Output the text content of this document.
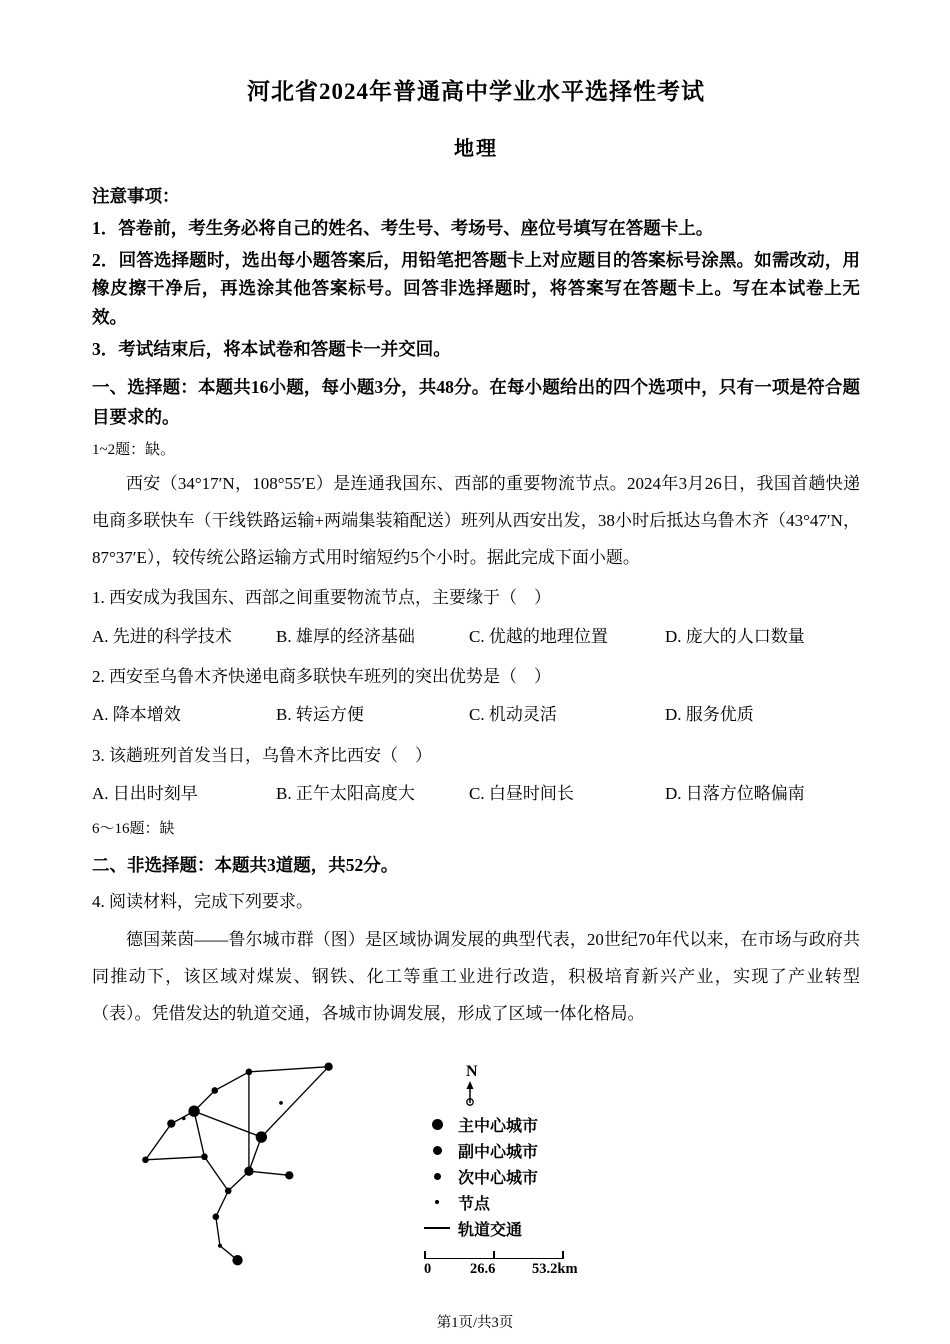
河北省2024年普通高中学业水平选择性考试
地理

注意事项：

1．答卷前，考生务必将自己的姓名、考生号、考场号、座位号填写在答题卡上。

2．回答选择题时，选出每小题答案后，用铅笔把答题卡上对应题目的答案标号涂黑。如需改动，用橡皮擦干净后，再选涂其他答案标号。回答非选择题时，将答案写在答题卡上。写在本试卷上无效。

3．考试结束后，将本试卷和答题卡一并交回。

一、选择题：本题共16小题，每小题3分，共48分。在每小题给出的四个选项中，只有一项是符合题目要求的。

1~2题：缺。

西安（34°17′N，108°55′E）是连通我国东、西部的重要物流节点。2024年3月26日，我国首趟快递电商多联快车（干线铁路运输+两端集装箱配送）班列从西安出发，38小时后抵达乌鲁木齐（43°47′N，87°37′E），较传统公路运输方式用时缩短约5个小时。据此完成下面小题。

1. 西安成为我国东、西部之间重要物流节点，主要缘于（　）

A. 先进的科学技术	B. 雄厚的经济基础	C. 优越的地理位置	D. 庞大的人口数量

2. 西安至乌鲁木齐快递电商多联快车班列的突出优势是（　）

A. 降本增效	B. 转运方便	C. 机动灵活	D. 服务优质

3. 该趟班列首发当日，乌鲁木齐比西安（　）

A. 日出时刻早	B. 正午太阳高度大	C. 白昼时间长	D. 日落方位略偏南

6～16题：缺

二、非选择题：本题共3道题，共52分。

4. 阅读材料，完成下列要求。

德国莱茵——鲁尔城市群（图）是区域协调发展的典型代表，20世纪70年代以来，在市场与政府共同推动下，该区域对煤炭、钢铁、化工等重工业进行改造，积极培育新兴产业，实现了产业转型（表）。凭借发达的轨道交通，各城市协调发展，形成了区域一体化格局。

N
主中心城市
副中心城市
次中心城市
节点
轨道交通
0	26.6	53.2km
第1页/共3页
